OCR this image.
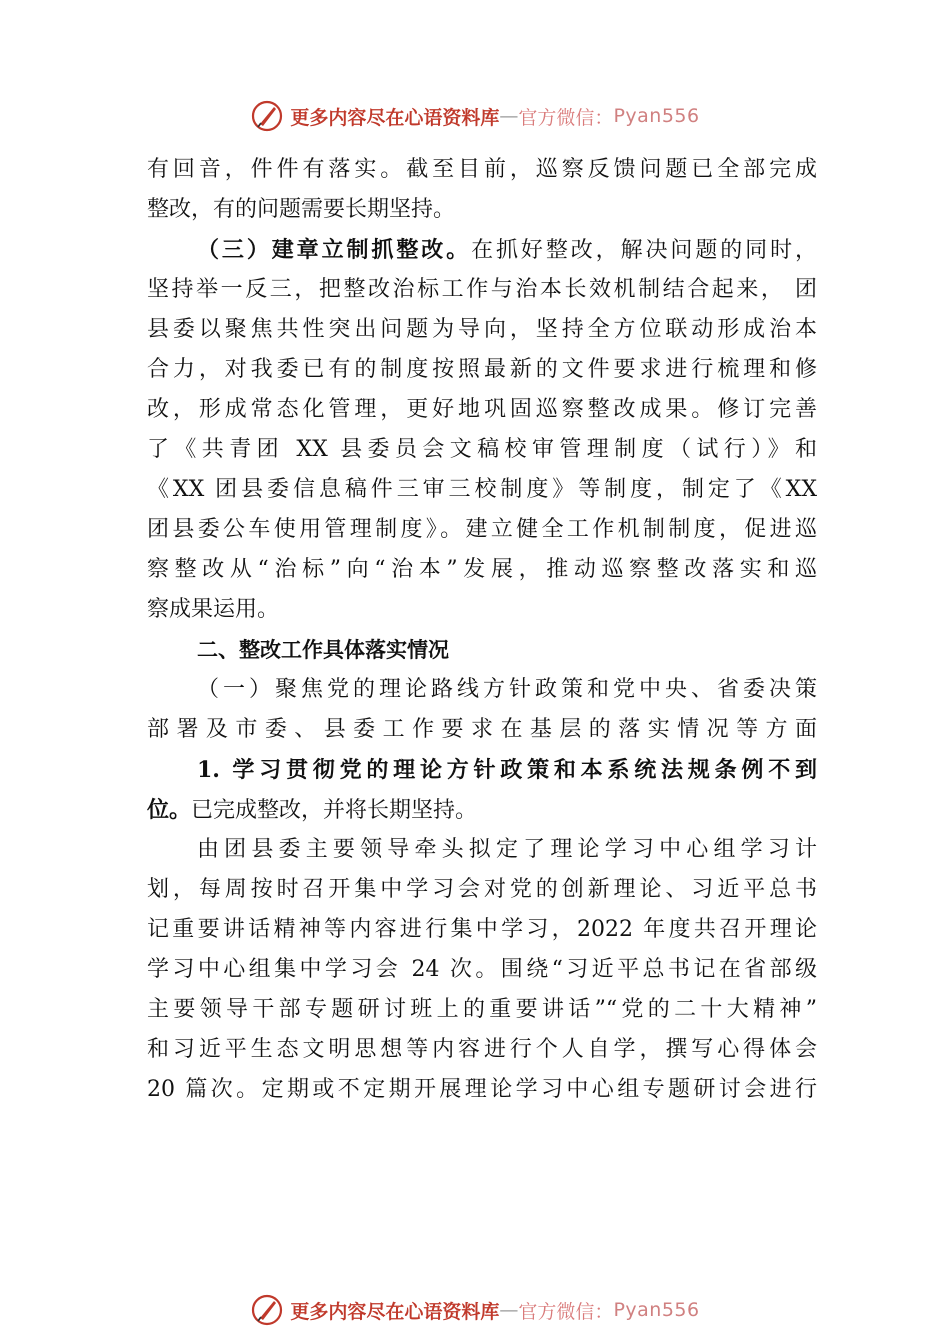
更多内容尽在心语资料库 — 官方微信： Pyan556
有回音，件件有落实。截至目前，巡察反馈问题已全部完成
整改，有的问题需要长期坚持。
（三）建章立制抓整改。在抓好整改，解决问题的同时，
坚持举一反三，把整改治标工作与治本长效机制结合起来， 团
县委以聚焦共性突出问题为导向，坚持全方位联动形成治本
合力，对我委已有的制度按照最新的文件要求进行梳理和修
改，形成常态化管理，更好地巩固巡察整改成果。修订完善
了《共青团 XX 县委员会文稿校审管理制度（试行）》和
《XX 团县委信息稿件三审三校制度》等制度，制定了《XX
团县委公车使用管理制度》。建立健全工作机制制度，促进巡
察整改从“治标”向“治本”发展，推动巡察整改落实和巡
察成果运用。
二、整改工作具体落实情况
（一）聚焦党的理论路线方针政策和党中央、省委决策
部署及市委、县委工作要求在基层的落实情况等方面
1. 学习贯彻党的理论方针政策和本系统法规条例不到
位。已完成整改，并将长期坚持。
由团县委主要领导牵头拟定了理论学习中心组学习计
划，每周按时召开集中学习会对党的创新理论、习近平总书
记重要讲话精神等内容进行集中学习，2022 年度共召开理论
学习中心组集中学习会 24 次。围绕“习近平总书记在省部级
主要领导干部专题研讨班上的重要讲话”“党的二十大精神”
和习近平生态文明思想等内容进行个人自学，撰写心得体会
20 篇次。定期或不定期开展理论学习中心组专题研讨会进行
更多内容尽在心语资料库 — 官方微信： Pyan556
